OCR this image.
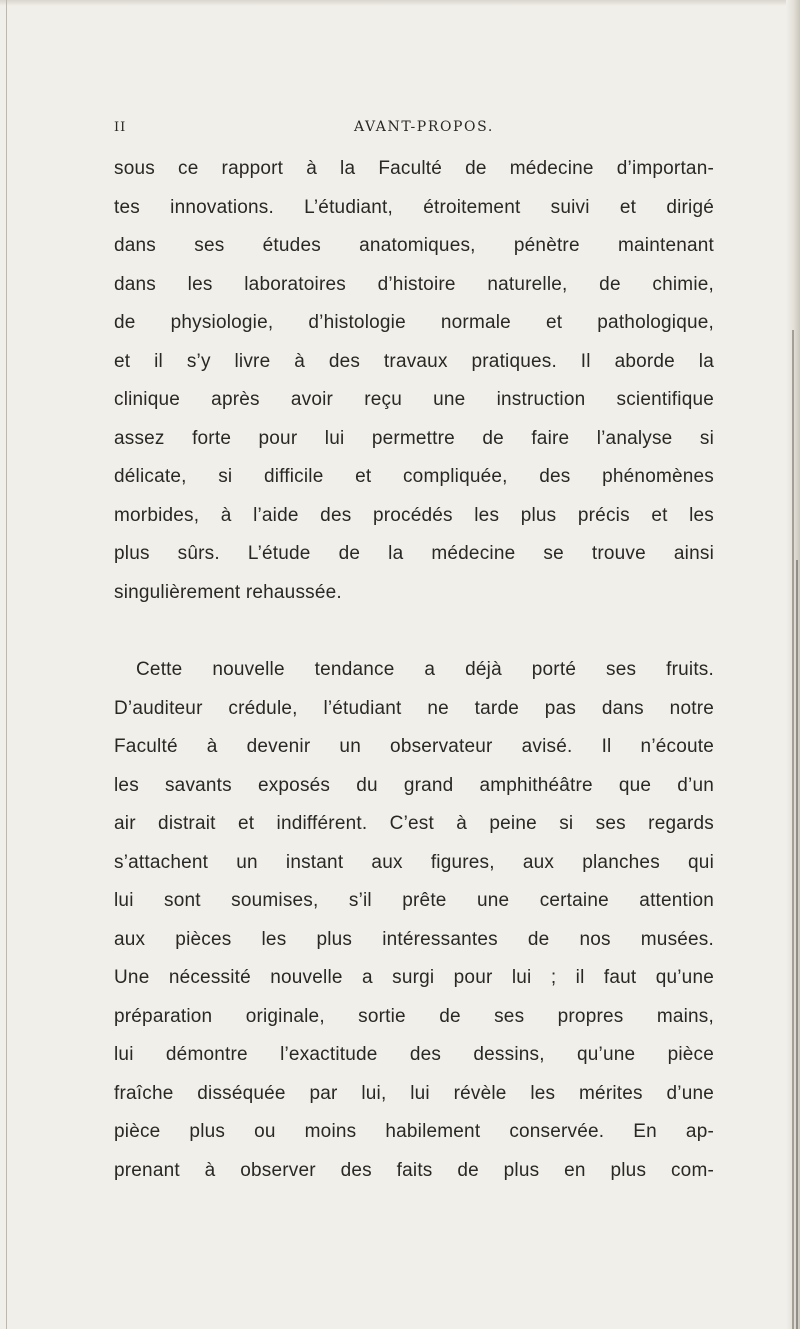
II	AVANT-PROPOS.
sous ce rapport à la Faculté de médecine d’importan-
tes innovations. L’étudiant, étroitement suivi et dirigé
dans ses études anatomiques, pénètre maintenant
dans les laboratoires d’histoire naturelle, de chimie,
de physiologie, d’histologie normale et pathologique,
et il s’y livre à des travaux pratiques. Il aborde la
clinique après avoir reçu une instruction scientifique
assez forte pour lui permettre de faire l’analyse si
délicate, si difficile et compliquée, des phénomènes
morbides, à l’aide des procédés les plus précis et les
plus sûrs. L’étude de la médecine se trouve ainsi
singulièrement rehaussée.
Cette nouvelle tendance a déjà porté ses fruits.
D’auditeur crédule, l’étudiant ne tarde pas dans notre
Faculté à devenir un observateur avisé. Il n’écoute
les savants exposés du grand amphithéâtre que d’un
air distrait et indifférent. C’est à peine si ses regards
s’attachent un instant aux figures, aux planches qui
lui sont soumises, s’il prête une certaine attention
aux pièces les plus intéressantes de nos musées.
Une nécessité nouvelle a surgi pour lui ; il faut qu’une
préparation originale, sortie de ses propres mains,
lui démontre l’exactitude des dessins, qu’une pièce
fraîche disséquée par lui, lui révèle les mérites d’une
pièce plus ou moins habilement conservée. En ap-
prenant à observer des faits de plus en plus com-
